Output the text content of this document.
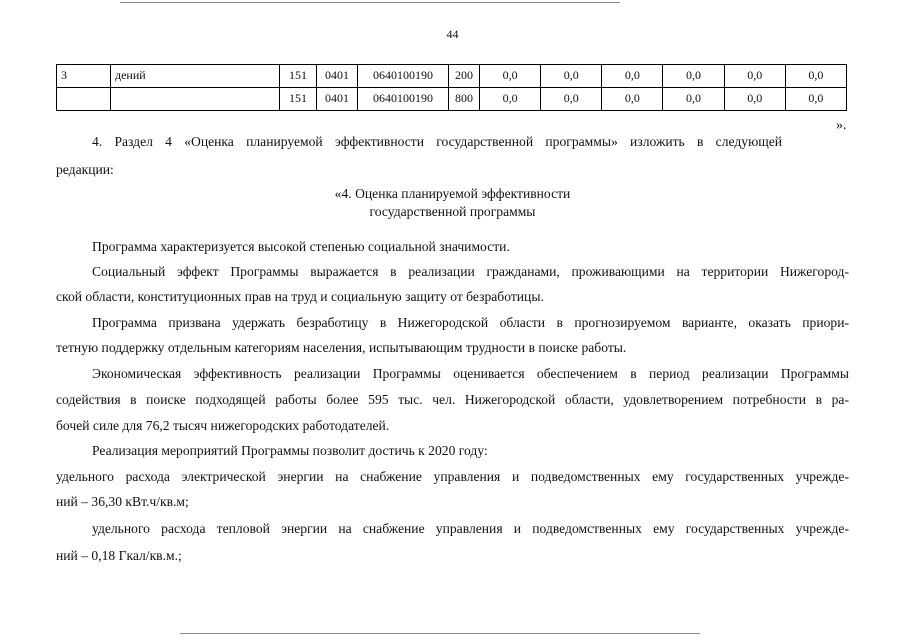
44
3	дений	151	0401	0640100190	200	0,0	0,0	0,0	0,0	0,0	0,0
		151	0401	0640100190	800	0,0	0,0	0,0	0,0	0,0	0,0
».
4. Раздел 4 «Оценка планируемой эффективности государственной программы» изложить в следующей
редакции:
«4. Оценка планируемой эффективности
государственной программы
Программа характеризуется высокой степенью социальной значимости.
Социальный эффект Программы выражается в реализации гражданами, проживающими на территории Нижегород-
ской области, конституционных прав на труд и социальную защиту от безработицы.
Программа призвана удержать безработицу в Нижегородской области в прогнозируемом варианте, оказать приори-
тетную поддержку отдельным категориям населения, испытывающим трудности в поиске работы.
Экономическая эффективность реализации Программы оценивается обеспечением в период реализации Программы
содействия в поиске подходящей работы более 595 тыс. чел. Нижегородской области, удовлетворением потребности в ра-
бочей силе для 76,2 тысяч нижегородских работодателей.
Реализация мероприятий Программы позволит достичь к 2020 году:
удельного расхода электрической энергии на снабжение управления и подведомственных ему государственных учрежде-
ний – 36,30 кВт.ч/кв.м;
удельного расхода тепловой энергии на снабжение управления и подведомственных ему государственных учрежде-
ний – 0,18 Гкал/кв.м.;
